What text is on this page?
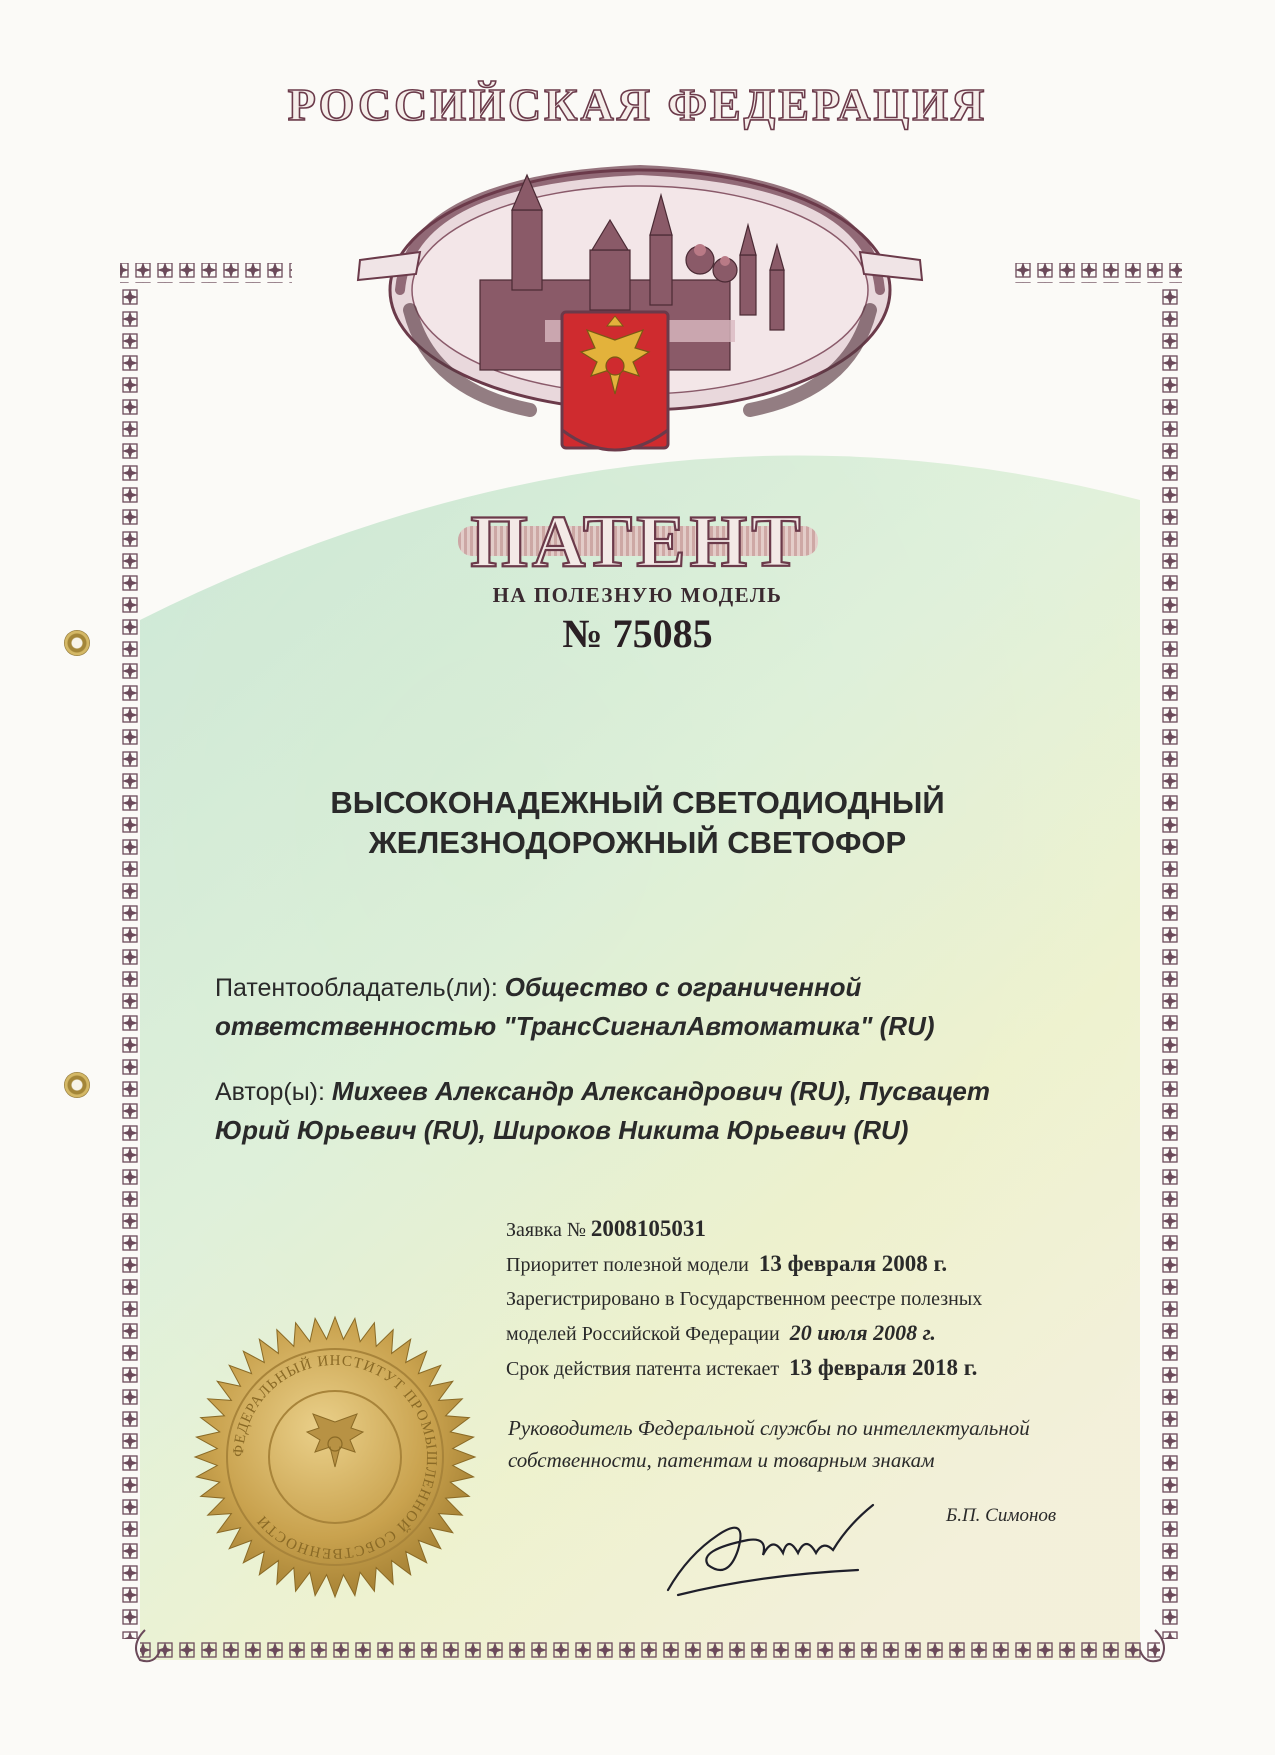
РОССИЙСКАЯ ФЕДЕРАЦИЯ
ПАТЕНТ
НА ПОЛЕЗНУЮ МОДЕЛЬ
№ 75085
ВЫСОКОНАДЕЖНЫЙ СВЕТОДИОДНЫЙ
ЖЕЛЕЗНОДОРОЖНЫЙ СВЕТОФОР
Патентообладатель(ли): Общество с ограниченной
ответственностью "ТрансСигналАвтоматика" (RU)
Автор(ы): Михеев Александр Александрович (RU), Пусвацет
Юрий Юрьевич (RU), Широков Никита Юрьевич (RU)
Заявка № 2008105031
Приоритет полезной модели 13 февраля 2008 г.
Зарегистрировано в Государственном реестре полезных
моделей Российской Федерации 20 июля 2008 г.
Срок действия патента истекает 13 февраля 2018 г.
Руководитель Федеральной службы по интеллектуальной
собственности, патентам и товарным знакам
ФЕДЕРАЛЬНЫЙ ИНСТИТУТ ПРОМЫШЛЕННОЙ СОБСТВЕННОСТИ	Б.П. Симонов
